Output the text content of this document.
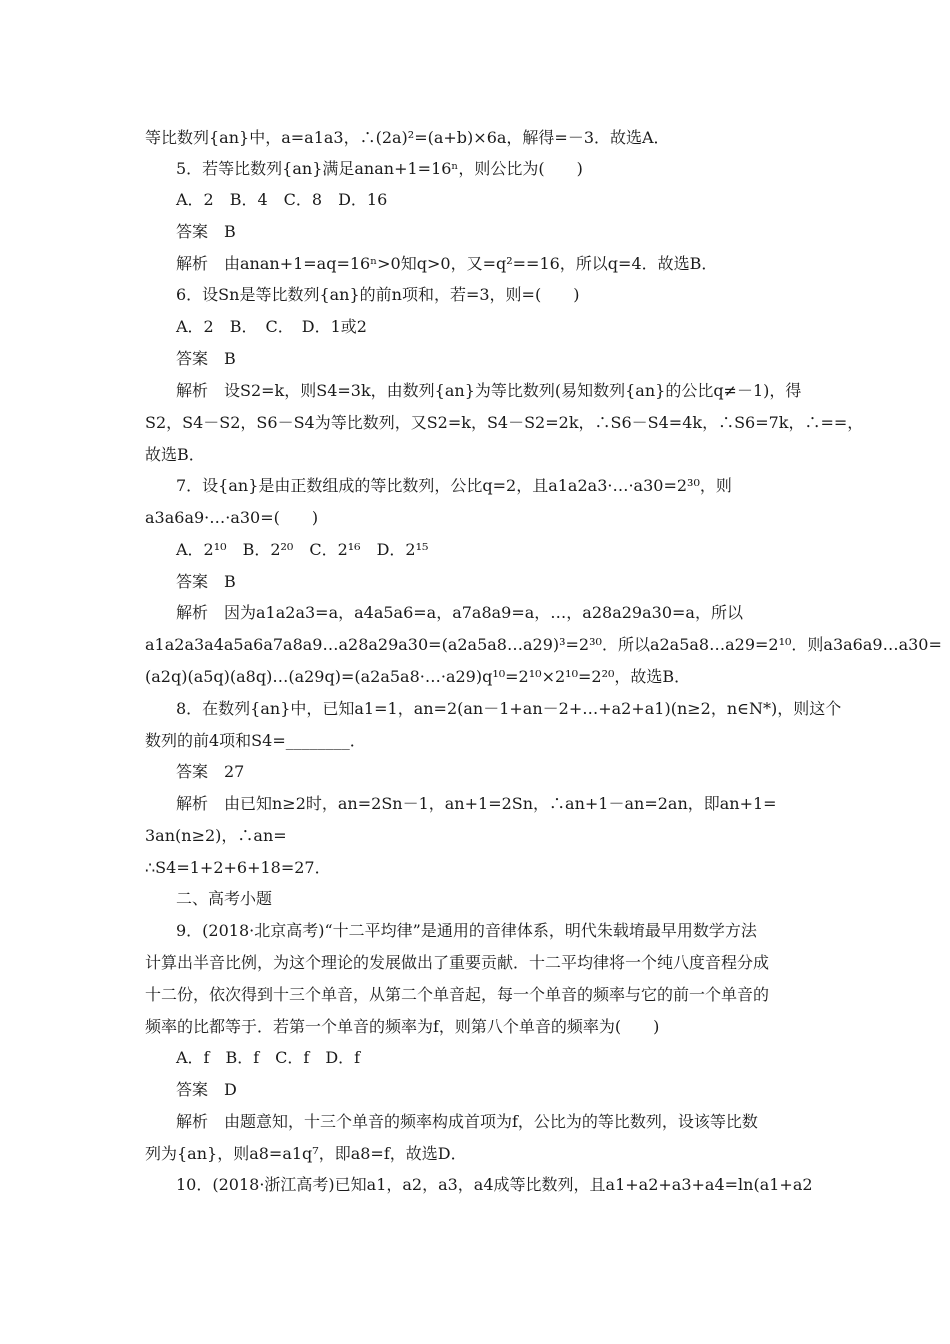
等比数列{an}中，a=a1a3，∴(2a)²=(a+b)×6a，解得=－3．故选A．
5．若等比数列{an}满足anan+1=16ⁿ，则公比为(　　)
A．2　B．4　C．8　D．16
答案　B
解析　由anan+1=aq=16ⁿ>0知q>0，又=q²==16，所以q=4．故选B．
6．设Sn是等比数列{an}的前n项和，若=3，则=(　　)
A．2　B．　C．　D．1或2
答案　B
解析　设S2=k，则S4=3k，由数列{an}为等比数列(易知数列{an}的公比q≠－1)，得
S2，S4－S2，S6－S4为等比数列，又S2=k，S4－S2=2k，∴S6－S4=4k，∴S6=7k，∴==，
故选B．
7．设{an}是由正数组成的等比数列，公比q=2，且a1a2a3·…·a30=2³⁰，则
a3a6a9·…·a30=(　　)
A．2¹⁰　B．2²⁰　C．2¹⁶　D．2¹⁵
答案　B
解析　因为a1a2a3=a，a4a5a6=a，a7a8a9=a，…，a28a29a30=a，所以
a1a2a3a4a5a6a7a8a9…a28a29a30=(a2a5a8…a29)³=2³⁰．所以a2a5a8…a29=2¹⁰．则a3a6a9…a30=
(a2q)(a5q)(a8q)…(a29q)=(a2a5a8·…·a29)q¹⁰=2¹⁰×2¹⁰=2²⁰，故选B．
8．在数列{an}中，已知a1=1，an=2(an－1+an－2+…+a2+a1)(n≥2，n∈N*)，则这个
数列的前4项和S4=________．
答案　27
解析　由已知n≥2时，an=2Sn－1，an+1=2Sn，∴an+1－an=2an，即an+1=
3an(n≥2)，∴an=
∴S4=1+2+6+18=27．
二、高考小题
9．(2018·北京高考)“十二平均律”是通用的音律体系，明代朱载堉最早用数学方法
计算出半音比例，为这个理论的发展做出了重要贡献．十二平均律将一个纯八度音程分成
十二份，依次得到十三个单音，从第二个单音起，每一个单音的频率与它的前一个单音的
频率的比都等于．若第一个单音的频率为f，则第八个单音的频率为(　　)
A．f　B．f　C．f　D．f
答案　D
解析　由题意知，十三个单音的频率构成首项为f，公比为的等比数列，设该等比数
列为{an}，则a8=a1q⁷，即a8=f，故选D．
10．(2018·浙江高考)已知a1，a2，a3，a4成等比数列，且a1+a2+a3+a4=ln(a1+a2
